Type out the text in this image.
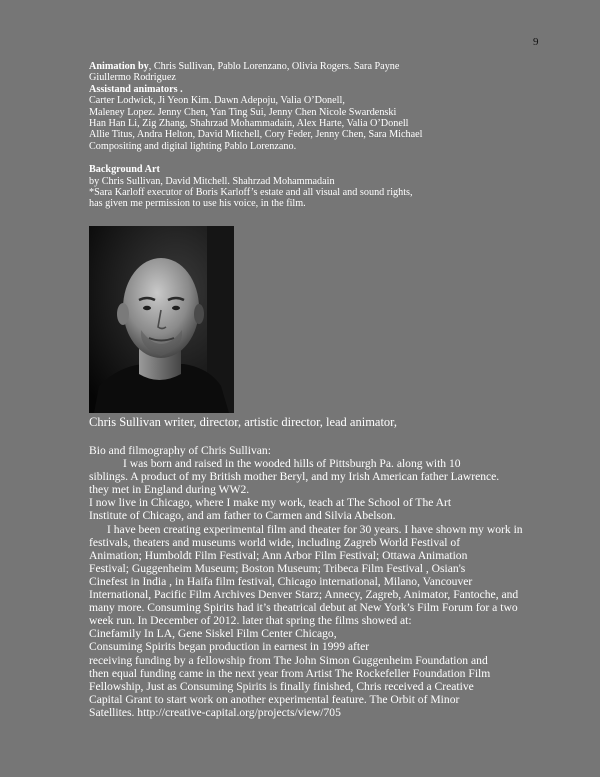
9
Animation by, Chris Sullivan, Pablo Lorenzano, Olivia Rogers. Sara Payne
Giullermo Rodriguez
Assistand animators .
Carter Lodwick, Ji Yeon Kim. Dawn Adepoju, Valia O’Donell,
Maleney Lopez. Jenny Chen, Yan Ting Sui, Jenny Chen Nicole Swardenski
Han Han Li, Zig Zhang, Shahrzad Mohammadain, Alex Harte, Valia O’Donell
Allie Titus, Andra Helton, David Mitchell, Cory Feder, Jenny Chen, Sara Michael
Compositing and digital lighting Pablo Lorenzano.
Background Art
by Chris Sullivan, David Mitchell. Shahrzad Mohammadain
*Sara Karloff executor of Boris Karloff’s estate and all visual and sound rights,
has given me permission to use his voice, in the film.
Chris Sullivan writer, director, artistic director, lead animator,
Bio and filmography of Chris Sullivan:
I was born and raised in the wooded hills of Pittsburgh Pa. along with 10
siblings. A product of my British mother Beryl, and my Irish American father Lawrence.
they met in England during WW2.
I now live in Chicago, where I make my work, teach at The School of The Art
Institute of Chicago, and am father to Carmen and Silvia Abelson.
I have been creating experimental film and theater for 30 years. I have shown my work in
festivals, theaters and museums world wide, including Zagreb World Festival of
Animation; Humboldt Film Festival; Ann Arbor Film Festival; Ottawa Animation
Festival; Guggenheim Museum; Boston Museum; Tribeca Film Festival , Osian's
Cinefest in India , in Haifa film festival, Chicago international, Milano, Vancouver
International, Pacific Film Archives Denver Starz; Annecy, Zagreb, Animator, Fantoche, and
many more. Consuming Spirits had it’s theatrical debut at New York’s Film Forum for a two
week run. In December of 2012. later that spring the films showed at:
Cinefamily In LA, Gene Siskel Film Center Chicago,
Consuming Spirits began production in earnest in 1999 after
receiving funding by a fellowship from The John Simon Guggenheim Foundation and
then equal funding came in the next year from Artist The Rockefeller Foundation Film
Fellowship, Just as Consuming Spirits is finally finished, Chris received a Creative
Capital Grant to start work on another experimental feature. The Orbit of Minor
Satellites. http://creative-capital.org/projects/view/705
